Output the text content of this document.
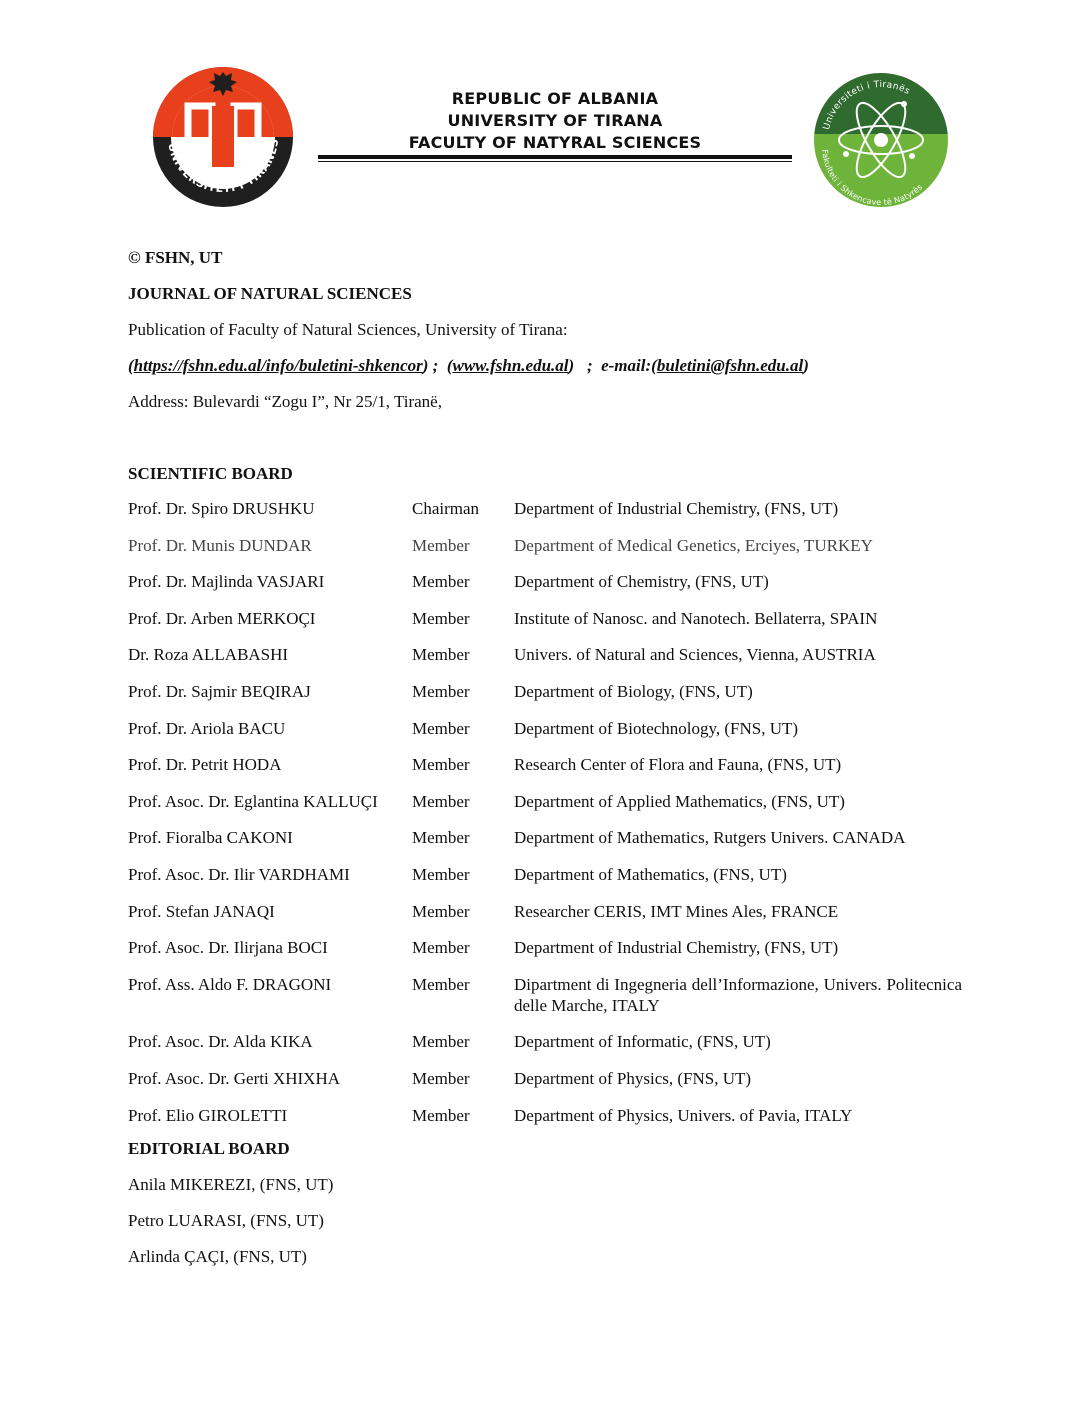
UNIVERSITETI I TIRANËS
REPUBLIC OF ALBANIA
UNIVERSITY OF TIRANA
FACULTY OF NATYRAL SCIENCES
Universiteti i Tiranës
Fakulteti i Shkencave të Natyrës
© FSHN, UT
JOURNAL OF NATURAL SCIENCES
Publication of Faculty of Natural Sciences, University of Tirana:
(https://fshn.edu.al/info/buletini-shkencor) ;  (www.fshn.edu.al)   ;  e-mail:(buletini@fshn.edu.al)
Address: Bulevardi “Zogu I”, Nr 25/1, Tiranë,
SCIENTIFIC BOARD
Prof. Dr. Spiro DRUSHKU	Chairman	Department of Industrial Chemistry, (FNS, UT)
Prof. Dr. Munis DUNDAR	Member	Department of Medical Genetics, Erciyes, TURKEY
Prof. Dr. Majlinda VASJARI	Member	Department of Chemistry, (FNS, UT)
Prof. Dr. Arben MERKOÇI	Member	Institute of Nanosc. and Nanotech. Bellaterra, SPAIN
Dr. Roza ALLABASHI	Member	Univers. of Natural and Sciences, Vienna, AUSTRIA
Prof. Dr. Sajmir BEQIRAJ	Member	Department of Biology, (FNS, UT)
Prof. Dr. Ariola BACU	Member	Department of Biotechnology, (FNS, UT)
Prof. Dr. Petrit HODA	Member	Research Center of Flora and Fauna, (FNS, UT)
Prof. Asoc. Dr. Eglantina KALLUÇI	Member	Department of Applied Mathematics, (FNS, UT)
Prof. Fioralba CAKONI	Member	Department of Mathematics, Rutgers Univers. CANADA
Prof. Asoc. Dr. Ilir VARDHAMI	Member	Department of Mathematics, (FNS, UT)
Prof. Stefan JANAQI	Member	Researcher CERIS, IMT Mines Ales, FRANCE
Prof. Asoc. Dr. Ilirjana BOCI	Member	Department of Industrial Chemistry, (FNS, UT)
Prof. Ass. Aldo F. DRAGONI	Member	Dipartment di Ingegneria dell’Informazione, Univers. Politecnica delle Marche, ITALY
Prof. Asoc. Dr. Alda KIKA	Member	Department of Informatic, (FNS, UT)
Prof. Asoc. Dr. Gerti XHIXHA	Member	Department of Physics, (FNS, UT)
Prof. Elio GIROLETTI	Member	Department of Physics, Univers. of Pavia, ITALY
EDITORIAL BOARD
Anila MIKEREZI, (FNS, UT)
Petro LUARASI, (FNS, UT)
Arlinda ÇAÇI, (FNS, UT)
